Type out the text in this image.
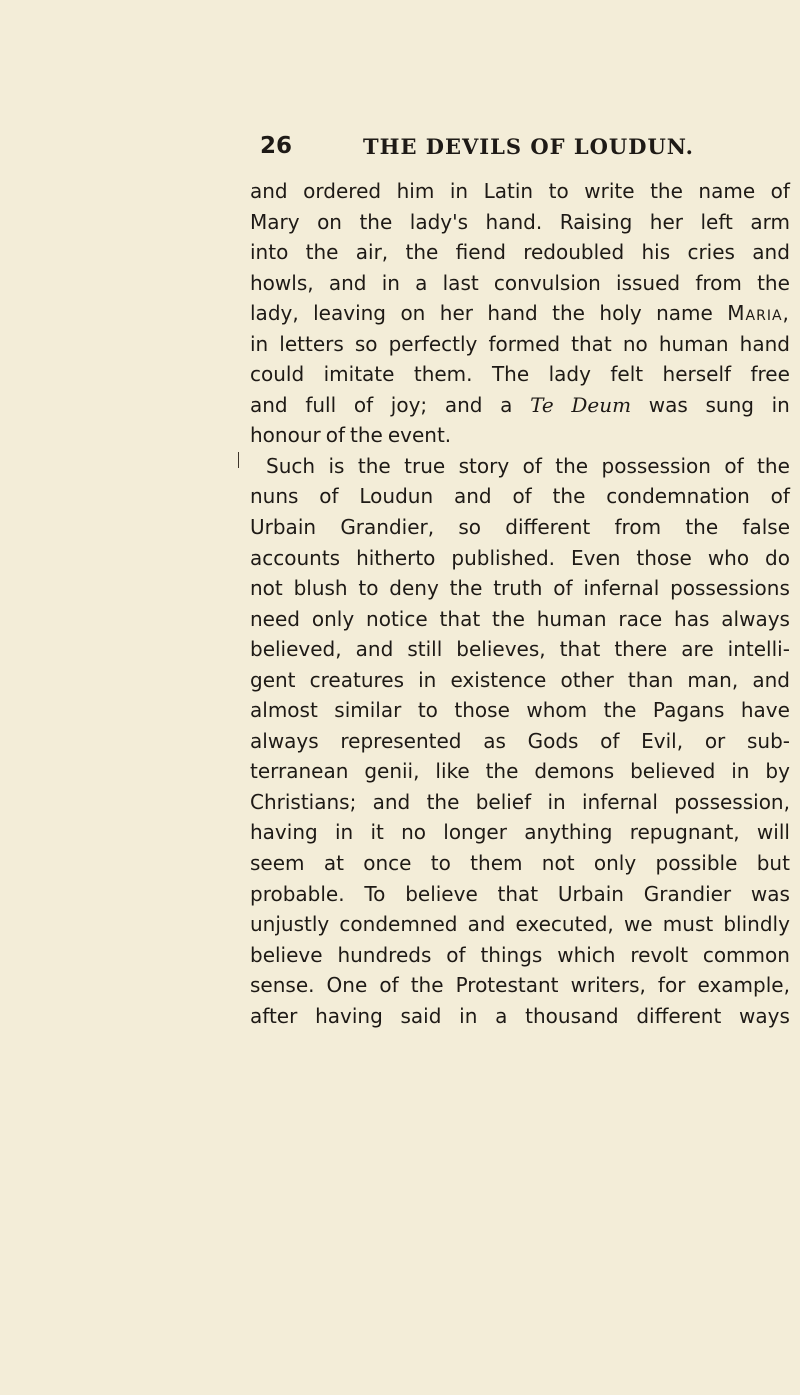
26	THE DEVILS OF LOUDUN.
and ordered him in Latin to write the name of
Mary on the lady's hand. Raising her left arm
into the air, the fiend redoubled his cries and
howls, and in a last convulsion issued from the
lady, leaving on her hand the holy name Maria,
in letters so perfectly formed that no human hand
could imitate them. The lady felt herself free
and full of joy; and a Te Deum was sung in
honour of the event.
Such is the true story of the possession of the
nuns of Loudun and of the condemnation of
Urbain Grandier, so different from the false
accounts hitherto published. Even those who do
not blush to deny the truth of infernal possessions
need only notice that the human race has always
believed, and still believes, that there are intelli-
gent creatures in existence other than man, and
almost similar to those whom the Pagans have
always represented as Gods of Evil, or sub-
terranean genii, like the demons believed in by
Christians; and the belief in infernal possession,
having in it no longer anything repugnant, will
seem at once to them not only possible but
probable. To believe that Urbain Grandier was
unjustly condemned and executed, we must blindly
believe hundreds of things which revolt common
sense. One of the Protestant writers, for example,
after having said in a thousand different ways
